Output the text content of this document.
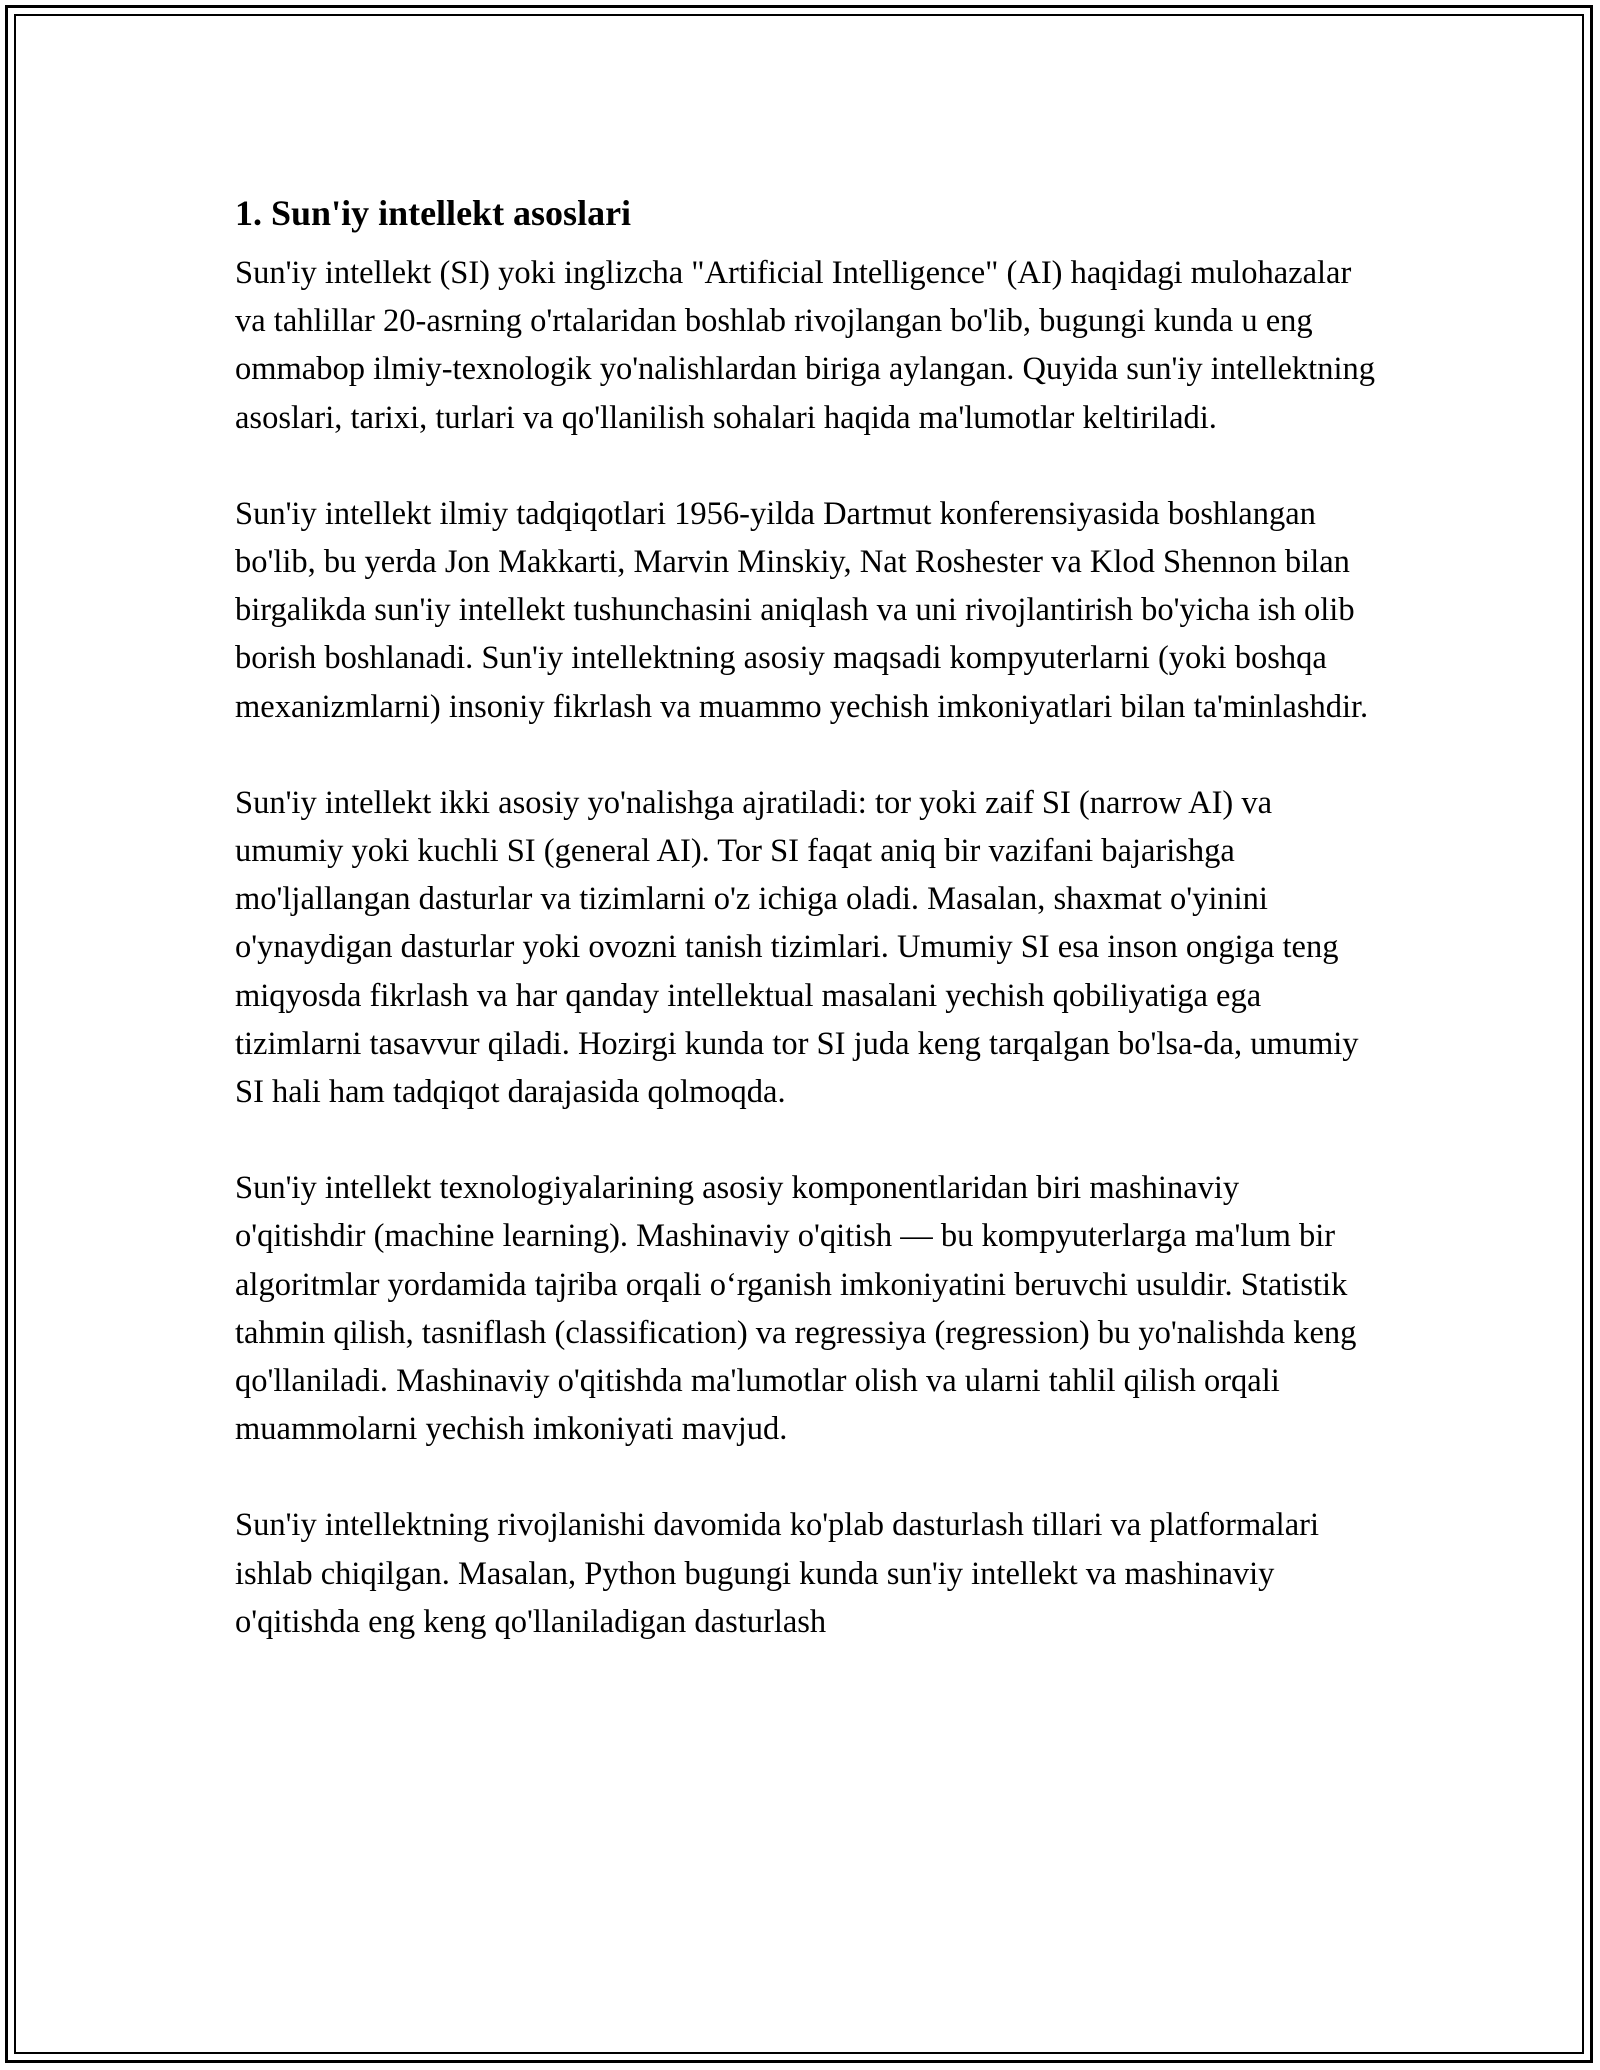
1. Sun'iy intellekt asoslari

Sun'iy intellekt (SI) yoki inglizcha "Artificial Intelligence" (AI) haqidagi mulohazalar va tahlillar 20-asrning o'rtalaridan boshlab rivojlangan bo'lib, bugungi kunda u eng ommabop ilmiy-texnologik yo'nalishlardan biriga aylangan. Quyida sun'iy intellektning asoslari, tarixi, turlari va qo'llanilish sohalari haqida ma'lumotlar keltiriladi.

Sun'iy intellekt ilmiy tadqiqotlari 1956-yilda Dartmut konferensiyasida boshlangan bo'lib, bu yerda Jon Makkarti, Marvin Minskiy, Nat Roshester va Klod Shennon bilan birgalikda sun'iy intellekt tushunchasini aniqlash va uni rivojlantirish bo'yicha ish olib borish boshlanadi. Sun'iy intellektning asosiy maqsadi kompyuterlarni (yoki boshqa mexanizmlarni) insoniy fikrlash va muammo yechish imkoniyatlari bilan ta'minlashdir.

Sun'iy intellekt ikki asosiy yo'nalishga ajratiladi: tor yoki zaif SI (narrow AI) va umumiy yoki kuchli SI (general AI). Tor SI faqat aniq bir vazifani bajarishga mo'ljallangan dasturlar va tizimlarni o'z ichiga oladi. Masalan, shaxmat o'yinini o'ynaydigan dasturlar yoki ovozni tanish tizimlari. Umumiy SI esa inson ongiga teng miqyosda fikrlash va har qanday intellektual masalani yechish qobiliyatiga ega tizimlarni tasavvur qiladi. Hozirgi kunda tor SI juda keng tarqalgan bo'lsa-da, umumiy SI hali ham tadqiqot darajasida qolmoqda.

Sun'iy intellekt texnologiyalarining asosiy komponentlaridan biri mashinaviy o'qitishdir (machine learning). Mashinaviy o'qitish — bu kompyuterlarga ma'lum bir algoritmlar yordamida tajriba orqali o‘rganish imkoniyatini beruvchi usuldir. Statistik tahmin qilish, tasniflash (classification) va regressiya (regression) bu yo'nalishda keng qo'llaniladi. Mashinaviy o'qitishda ma'lumotlar olish va ularni tahlil qilish orqali muammolarni yechish imkoniyati mavjud.

Sun'iy intellektning rivojlanishi davomida ko'plab dasturlash tillari va platformalari ishlab chiqilgan. Masalan, Python bugungi kunda sun'iy intellekt va mashinaviy o'qitishda eng keng qo'llaniladigan dasturlash
